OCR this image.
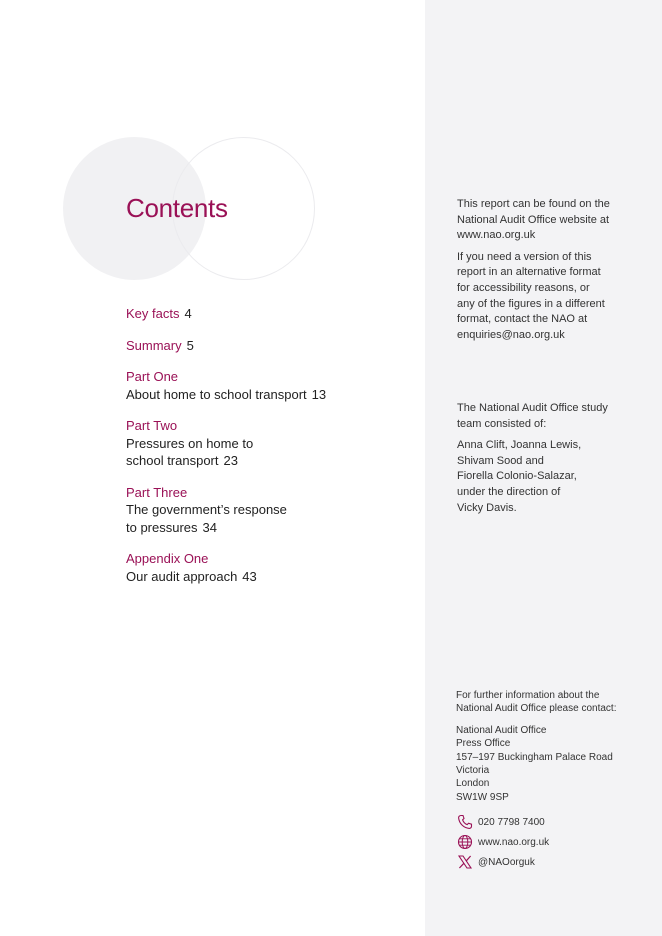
Contents
Key facts 4
Summary 5
Part One
About home to school transport 13
Part Two
Pressures on home to
school transport 23
Part Three
The government’s response
to pressures 34
Appendix One
Our audit approach 43

This report can be found on the
National Audit Office website at
www.nao.org.uk

If you need a version of this
report in an alternative format
for accessibility reasons, or
any of the figures in a different
format, contact the NAO at
enquiries@nao.org.uk

The National Audit Office study
team consisted of:

Anna Clift, Joanna Lewis,
Shivam Sood and
Fiorella Colonio-Salazar,
under the direction of
Vicky Davis.

For further information about the
National Audit Office please contact:

National Audit Office
Press Office
157–197 Buckingham Palace Road
Victoria
London
SW1W 9SP

020 7798 7400
www.nao.org.uk
@NAOorguk
